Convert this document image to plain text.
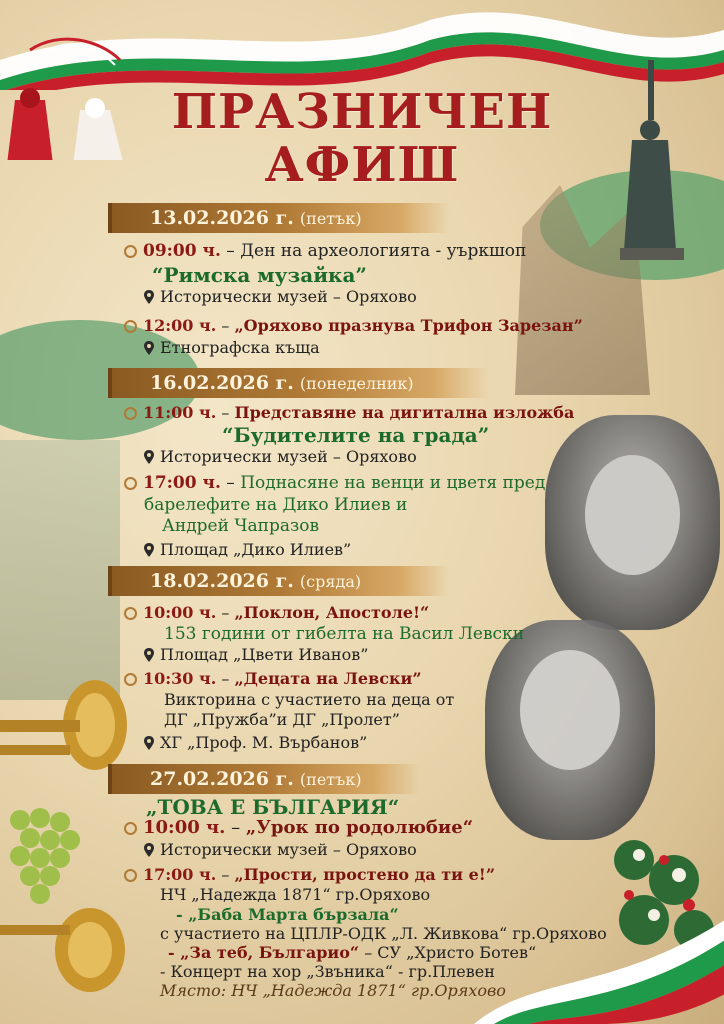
ПРАЗНИЧЕН
АФИШ
13.02.2026 г. (петък)
09:00 ч. – Ден на археологията - уъркшоп
“Римска музайка”
Исторически музей – Оряхово
12:00 ч. – „Оряхово празнува Трифон Зарезан”
Етнографска къща
16.02.2026 г. (понеделник)
11:00 ч. – Представяне на дигитална изложба
“Будителите на града”
Исторически музей – Оряхово
17:00 ч. – Поднасяне на венци и цветя пред
барелефите на Дико Илиев и
Андрей Чапразов
Площад „Дико Илиев”
18.02.2026 г. (сряда)
10:00 ч. – „Поклон, Апостоле!“
153 години от гибелта на Васил Левски
Площад „Цвети Иванов”
10:30 ч. – „Децата на Левски”
Викторина с участието на деца от
ДГ „Пружба”и ДГ „Пролет”
ХГ „Проф. М. Върбанов”
27.02.2026 г. (петък)
„ТОВА Е БЪЛГАРИЯ“
10:00 ч. – „Урок по родолюбие“
Исторически музей – Оряхово
17:00 ч. – „Прости, простено да ти е!”
НЧ „Надежда 1871“ гр.Оряхово
- „Баба Марта бързала“
с участието на ЦПЛР-ОДК „Л. Живкова“ гр.Оряхово
- „За теб, Българио“ – СУ „Христо Ботев“
- Концерт на хор „Звъника“ - гр.Плевен
Място: НЧ „Надежда 1871“ гр.Оряхово
